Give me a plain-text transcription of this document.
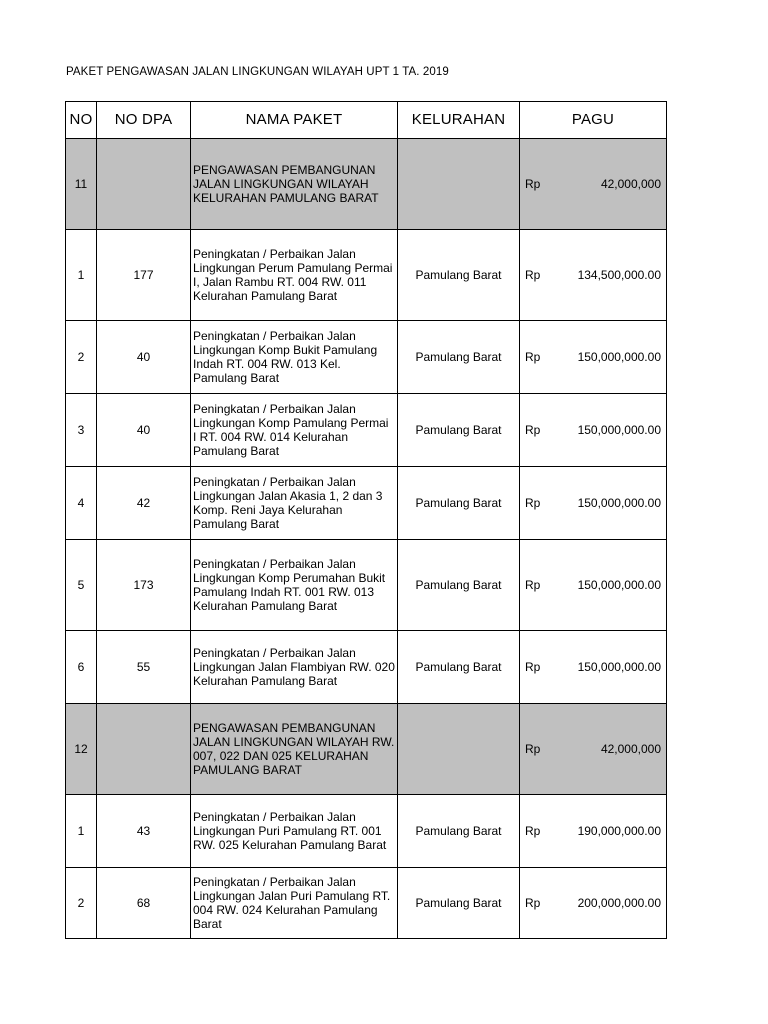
PAKET PENGAWASAN JALAN LINGKUNGAN WILAYAH UPT 1 TA. 2019
NO	NO DPA	NAMA PAKET	KELURAHAN	PAGU
11		PENGAWASAN PEMBANGUNAN JALAN LINGKUNGAN WILAYAH KELURAHAN PAMULANG BARAT		Rp 42,000,000

1	177	Peningkatan / Perbaikan Jalan Lingkungan Perum Pamulang Permai I, Jalan Rambu RT. 004 RW. 011 Kelurahan Pamulang Barat	Pamulang Barat	Rp 134,500,000.00

2	40	Peningkatan / Perbaikan Jalan Lingkungan Komp Bukit Pamulang Indah RT. 004 RW. 013 Kel. Pamulang Barat	Pamulang Barat	Rp 150,000,000.00

3	40	Peningkatan / Perbaikan Jalan Lingkungan Komp Pamulang Permai I RT. 004 RW. 014 Kelurahan Pamulang Barat	Pamulang Barat	Rp 150,000,000.00

4	42	Peningkatan / Perbaikan Jalan Lingkungan Jalan Akasia 1, 2 dan 3 Komp. Reni Jaya Kelurahan Pamulang Barat	Pamulang Barat	Rp 150,000,000.00

5	173	Peningkatan / Perbaikan Jalan Lingkungan Komp Perumahan Bukit Pamulang Indah RT. 001 RW. 013 Kelurahan Pamulang Barat	Pamulang Barat	Rp 150,000,000.00

6	55	Peningkatan / Perbaikan Jalan Lingkungan Jalan Flambiyan RW. 020 Kelurahan Pamulang Barat	Pamulang Barat	Rp 150,000,000.00

12		PENGAWASAN PEMBANGUNAN JALAN LINGKUNGAN WILAYAH RW. 007, 022 DAN 025 KELURAHAN PAMULANG BARAT		Rp 42,000,000

1	43	Peningkatan / Perbaikan Jalan Lingkungan Puri Pamulang RT. 001 RW. 025 Kelurahan Pamulang Barat	Pamulang Barat	Rp 190,000,000.00

2	68	Peningkatan / Perbaikan Jalan Lingkungan Jalan Puri Pamulang RT. 004 RW. 024 Kelurahan Pamulang Barat	Pamulang Barat	Rp 200,000,000.00
